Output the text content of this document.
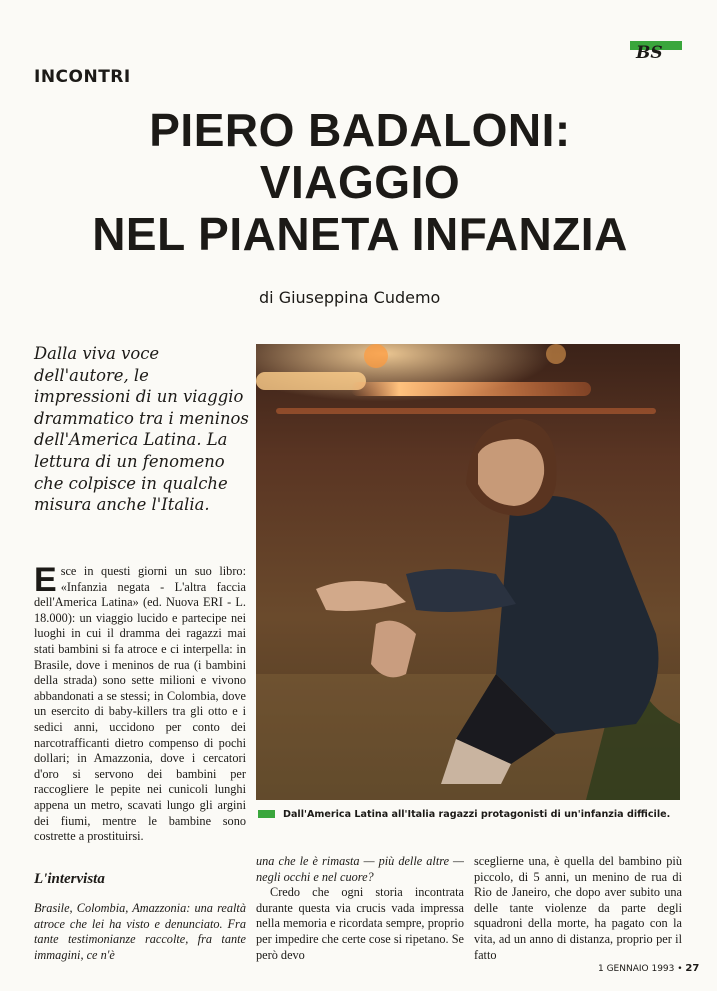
BS
INCONTRI
PIERO BADALONI:
VIAGGIO
NEL PIANETA INFANZIA
di Giuseppina Cudemo
Dalla viva voce dell'autore, le impressioni di un viaggio drammatico tra i meninos dell'America Latina. La lettura di un fenomeno che colpisce in qualche misura anche l'Italia.
Dall'America Latina all'Italia ragazzi protagonisti di un'infanzia difficile.
Esce in questi giorni un suo libro: «Infanzia negata - L'altra faccia dell'America Latina» (ed. Nuova ERI - L. 18.000): un viaggio lucido e partecipe nei luoghi in cui il dramma dei ragazzi mai stati bambini si fa atroce e ci interpella: in Brasile, dove i meninos de rua (i bambini della strada) sono sette milioni e vivono abbandonati a se stessi; in Colombia, dove un esercito di baby-killers tra gli otto e i sedici anni, uccidono per conto dei narcotrafficanti dietro compenso di pochi dollari; in Amazzonia, dove i cercatori d'oro si servono dei bambini per raccogliere le pepite nei cunicoli lunghi appena un metro, scavati lungo gli argini dei fiumi, mentre le bambine sono costrette a prostituirsi.
L'intervista
Brasile, Colombia, Amazzonia: una realtà atroce che lei ha visto e denunciato. Fra tante testimonianze raccolte, fra tante immagini, ce n'è

una che le è rimasta — più delle altre — negli occhi e nel cuore?

Credo che ogni storia incontrata durante questa via crucis vada impressa nella memoria e ricordata sempre, proprio per impedire che certe cose si ripetano. Se però devo

sceglierne una, è quella del bambino più piccolo, di 5 anni, un menino de rua di Rio de Janeiro, che dopo aver subito una delle tante violenze da parte degli squadroni della morte, ha pagato con la vita, ad un anno di distanza, proprio per il fatto
1 GENNAIO 1993 • 27
